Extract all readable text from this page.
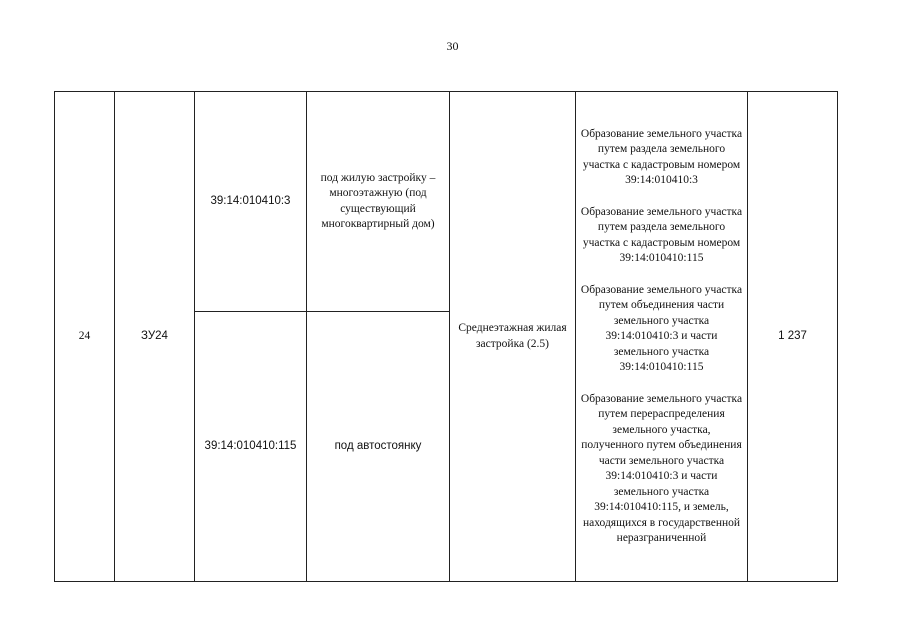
30
24	ЗУ24	39:14:010410:3	под жилую застройку – многоэтажную (под существующий многоквартирный дом)	Среднеэтажная жилая застройка (2.5)	Образование земельного участка путем раздела земельного участка с кадастровым номером 39:14:010410:3
Образование земельного участка путем раздела земельного участка с кадастровым номером 39:14:010410:115
Образование земельного участка путем объединения части земельного участка 39:14:010410:3 и части земельного участка 39:14:010410:115
Образование земельного участка путем перераспределения земельного участка, полученного путем объединения части земельного участка 39:14:010410:3 и части земельного участка 39:14:010410:115, и земель, находящихся в государственной неразграниченной	1 237
		39:14:010410:115	под автостоянку			
